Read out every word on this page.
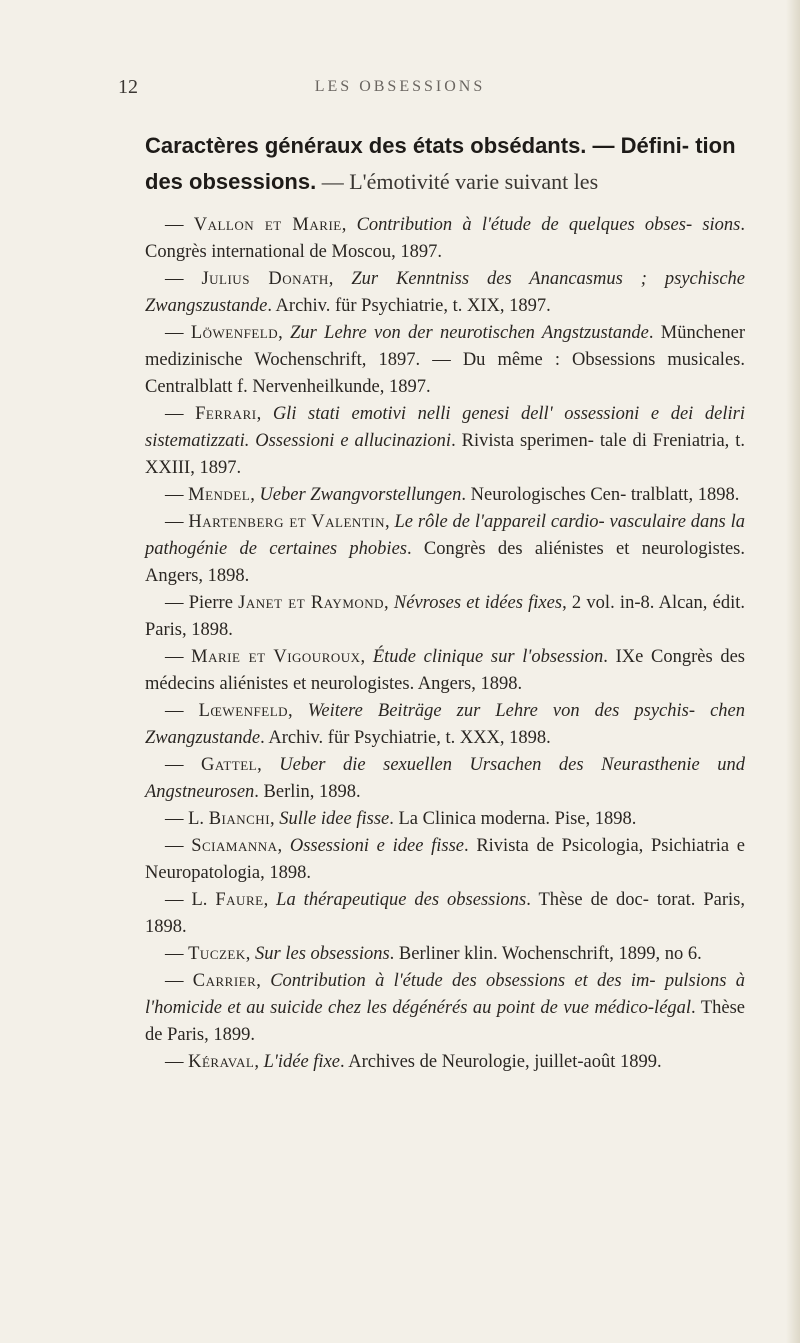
12	LES OBSESSIONS
Caractères généraux des états obsédants. — Défini- tion des obsessions. — L'émotivité varie suivant les

— Vallon et Marie, Contribution à l'étude de quelques obses- sions. Congrès international de Moscou, 1897.

— Julius Donath, Zur Kenntniss des Anancasmus ; psychische Zwangszustande. Archiv. für Psychiatrie, t. XIX, 1897.

— Löwenfeld, Zur Lehre von der neurotischen Angstzustande. Münchener medizinische Wochenschrift, 1897. — Du même : Obsessions musicales. Centralblatt f. Nervenheilkunde, 1897.

— Ferrari, Gli stati emotivi nelli genesi dell' ossessioni e dei deliri sistematizzati. Ossessioni e allucinazioni. Rivista sperimen- tale di Freniatria, t. XXIII, 1897.

— Mendel, Ueber Zwangvorstellungen. Neurologisches Cen- tralblatt, 1898.

— Hartenberg et Valentin, Le rôle de l'appareil cardio- vasculaire dans la pathogénie de certaines phobies. Congrès des aliénistes et neurologistes. Angers, 1898.

— Pierre Janet et Raymond, Névroses et idées fixes, 2 vol. in-8. Alcan, édit. Paris, 1898.

— Marie et Vigouroux, Étude clinique sur l'obsession. IXe Congrès des médecins aliénistes et neurologistes. Angers, 1898.

— Lœwenfeld, Weitere Beiträge zur Lehre von des psychis- chen Zwangzustande. Archiv. für Psychiatrie, t. XXX, 1898.

— Gattel, Ueber die sexuellen Ursachen des Neurasthenie und Angstneurosen. Berlin, 1898.

— L. Bianchi, Sulle idee fisse. La Clinica moderna. Pise, 1898.

— Sciamanna, Ossessioni e idee fisse. Rivista de Psicologia, Psichiatria e Neuropatologia, 1898.

— L. Faure, La thérapeutique des obsessions. Thèse de doc- torat. Paris, 1898.

— Tuczek, Sur les obsessions. Berliner klin. Wochenschrift, 1899, no 6.

— Carrier, Contribution à l'étude des obsessions et des im- pulsions à l'homicide et au suicide chez les dégénérés au point de vue médico-légal. Thèse de Paris, 1899.

— Kéraval, L'idée fixe. Archives de Neurologie, juillet-août 1899.
